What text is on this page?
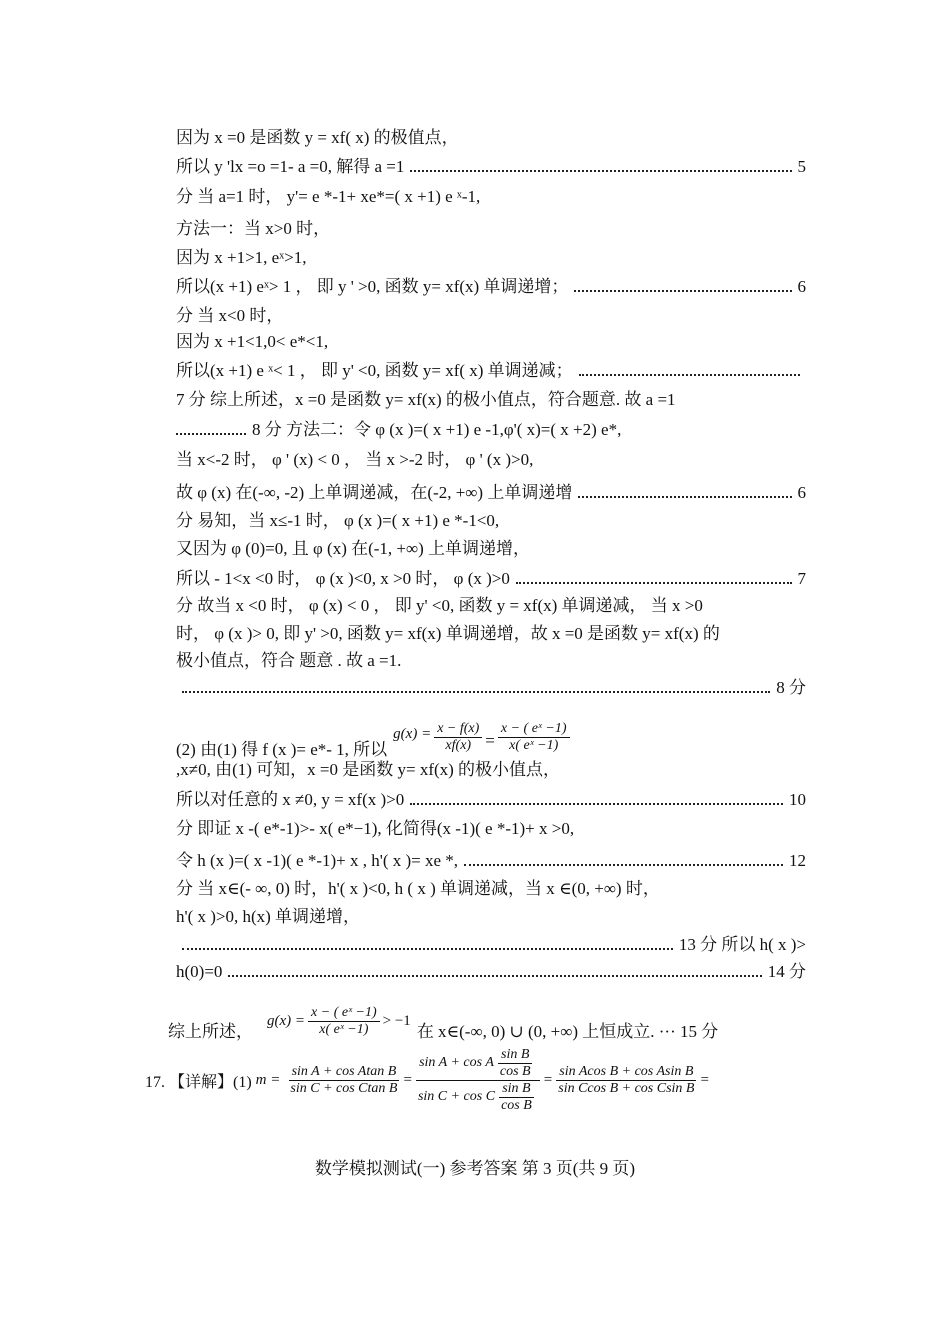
因为 x =0 是函数 y = xf( x) 的极值点，
所以 y 'lx =o =1- a =0, 解得 a =1	5
分 当 a=1 时， y'= e *-1+ xe*=( x +1) e ˣ-1,
方法一：当 x>0 时，
因为 x +1>1, eˣ>1,
所以(x +1) eˣ> 1 ， 即 y ' >0, 函数 y= xf(x) 单调递增；	6
分 当 x<0 时，
因为 x +1<1,0< e*<1,
所以(x +1) e ˣ< 1 ， 即 y' <0, 函数 y= xf( x) 单调递减；
7 分 综上所述，x =0 是函数 y= xf(x) 的极小值点，符合题意. 故 a =1
8 分 方法二：令 φ (x )=( x +1) e -1,φ'( x)=( x +2) e*,
当 x<-2 时， φ ' (x) < 0 ， 当 x >-2 时， φ ' (x )>0,
故 φ (x) 在(-∞, -2) 上单调递减，在(-2, +∞) 上单调递增	6
分 易知，当 x≤-1 时， φ (x )=( x +1) e *-1<0,
又因为 φ (0)=0, 且 φ (x) 在(-1, +∞) 上单调递增，
所以 - 1<x <0 时， φ (x )<0, x >0 时， φ (x )>0	7
分 故当 x <0 时， φ (x) < 0 ， 即 y' <0, 函数 y = xf(x) 单调递减， 当 x >0
时， φ (x )> 0, 即 y' >0, 函数 y= xf(x) 单调递增，故 x =0 是函数 y= xf(x) 的
极小值点，符合 题意 . 故 a =1.
8 分
(2) 由(1) 得 f (x )= e*- 1, 所以
$g(x) = \frac{x - f(x)}{xf(x)} = \frac{\text{x − ( eˣ −1)}}{\text{x( eˣ −1)}}$
,x≠0, 由(1) 可知，x =0 是函数 y= xf(x) 的极小值点，
所以对任意的 x ≠0, y = xf(x )>0	10
分 即证 x -( e*-1)>- x( e*−1), 化简得(x -1)( e *-1)+ x >0,
令 h (x )=( x -1)( e *-1)+ x , h'( x )= xe *,	12
分 当 x∈(- ∞, 0) 时，h'( x )<0, h ( x ) 单调递减，当 x ∈(0, +∞) 时，
h'( x )>0, h(x) 单调递增，
13 分 所以 h( x )>
h(0)=0	14 分
综上所述，
$g(x) = \frac{\text{x − ( eˣ −1)}}{\text{x( eˣ −1)}} > -1$
在 x∈(-∞, 0) ∪ (0, +∞) 上恒成立. ··· 15 分
17. 【详解】(1) $m = \frac{\text{sin A + cos Atan B}}{\text{sin C + cos Ctan B}} = \frac{\sin A + \cos A \frac{\text{sin B}}{\text{cos B}}}{\sin C + \cos C \frac{\text{sin B}}{\text{cos B}}} = \frac{\text{sin Acos B + cos Asin B}}{\text{sin Ccos B + cos Csin B}}$ =
数学模拟测试(一) 参考答案 第 3 页(共 9 页)
